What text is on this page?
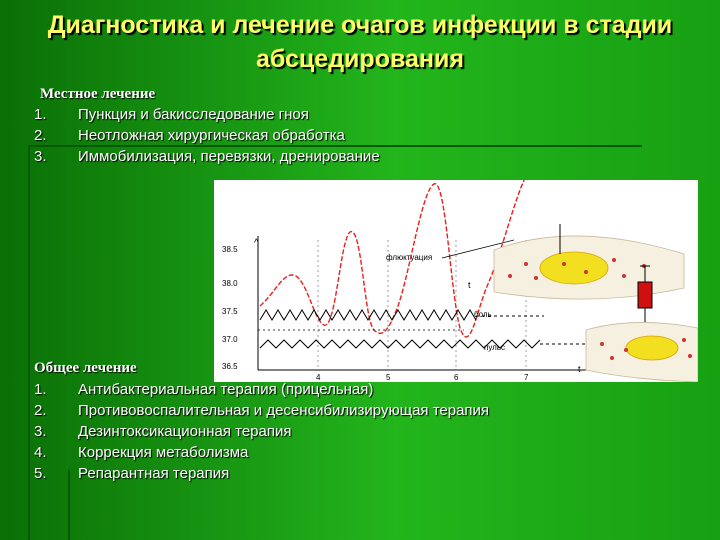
Диагностика и лечение очагов инфекции в стадии абсцедирования
Местное лечение
1. Пункция и бакисследование гноя
2. Неотложная хирургическая обработка
3. Иммобилизация, перевязки, дренирование
^
t
38.5
38.0
37.5
37.0
36.5
4	5	6	7
флюктуация
t
боль
пульс
Общее лечение
1. Антибактериальная терапия (прицельная)
2. Противовоспалительная и десенсибилизирующая терапия
3. Дезинтоксикационная терапия
4. Коррекция метаболизма
5. Репарантная терапия
